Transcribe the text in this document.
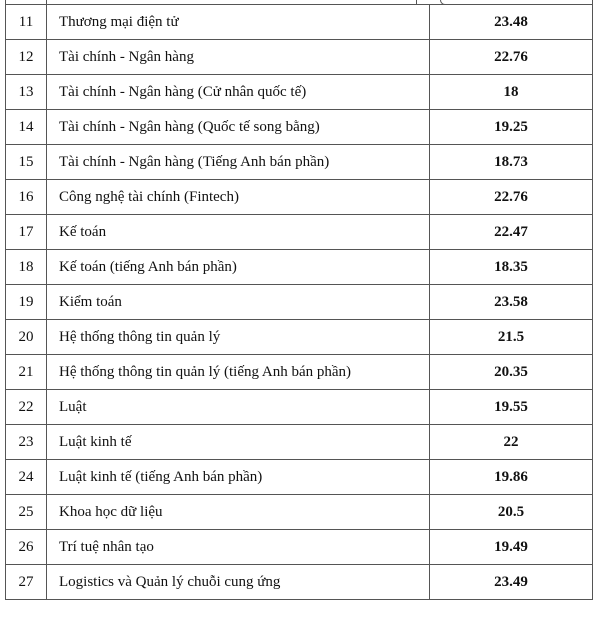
11	Thương mại điện tử	23.48
12	Tài chính - Ngân hàng	22.76
13	Tài chính - Ngân hàng (Cử nhân quốc tế)	18
14	Tài chính - Ngân hàng (Quốc tế song bằng)	19.25
15	Tài chính - Ngân hàng (Tiếng Anh bán phần)	18.73
16	Công nghệ tài chính (Fintech)	22.76
17	Kế toán	22.47
18	Kế toán (tiếng Anh bán phần)	18.35
19	Kiểm toán	23.58
20	Hệ thống thông tin quản lý	21.5
21	Hệ thống thông tin quản lý (tiếng Anh bán phần)	20.35
22	Luật	19.55
23	Luật kinh tế	22
24	Luật kinh tế (tiếng Anh bán phần)	19.86
25	Khoa học dữ liệu	20.5
26	Trí tuệ nhân tạo	19.49
27	Logistics và Quản lý chuỗi cung ứng	23.49
